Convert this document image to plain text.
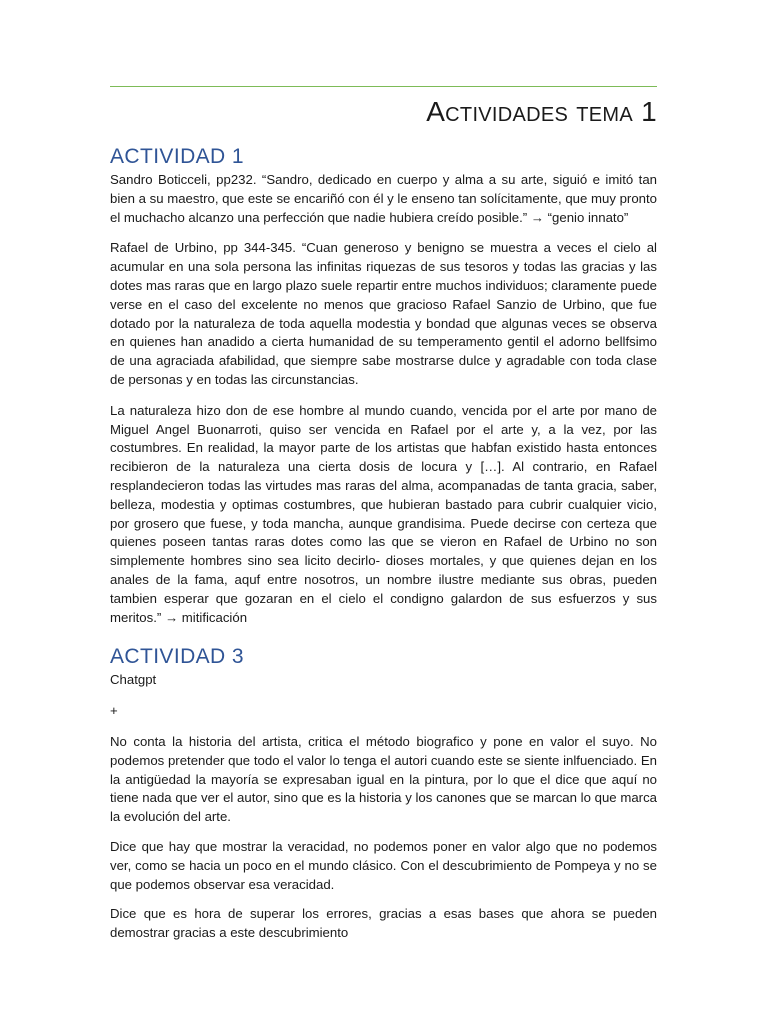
Actividades tema 1
ACTIVIDAD 1

Sandro Boticceli, pp232. “Sandro, dedicado en cuerpo y alma a su arte, siguió e imitó tan bien a su maestro, que este se encariñó con él y le enseno tan solícitamente, que muy pronto el muchacho alcanzo una perfección que nadie hubiera creído posible.” → “genio innato”

Rafael de Urbino, pp 344-345. “Cuan generoso y benigno se muestra a veces el cielo al acumular en una sola persona las infinitas riquezas de sus tesoros y todas las gracias y las dotes mas raras que en largo plazo suele repartir entre muchos individuos; claramente puede verse en el caso del excelente no menos que gracioso Rafael Sanzio de Urbino, que fue dotado por la naturaleza de toda aquella modestia y bondad que algunas veces se observa en quienes han anadido a cierta humanidad de su temperamento gentil el adorno bellfsimo de una agraciada afabilidad, que siempre sabe mostrarse dulce y agradable con toda clase de personas y en todas las circunstancias.

La naturaleza hizo don de ese hombre al mundo cuando, vencida por el arte por mano de Miguel Angel Buonarroti, quiso ser vencida en Rafael por el arte y, a la vez, por las costumbres. En realidad, la mayor parte de los artistas que habfan existido hasta entonces recibieron de la naturaleza una cierta dosis de locura y […]. Al contrario, en Rafael resplandecieron todas las virtudes mas raras del alma, acompanadas de tanta gracia, saber, belleza, modestia y optimas costumbres, que hubieran bastado para cubrir cualquier vicio, por grosero que fuese, y toda mancha, aunque grandisima. Puede decirse con certeza que quienes poseen tantas raras dotes como las que se vieron en Rafael de Urbino no son simplemente hombres sino sea licito decirlo- dioses mortales, y que quienes dejan en los anales de la fama, aquf entre nosotros, un nombre ilustre mediante sus obras, pueden tambien esperar que gozaran en el cielo el condigno galardon de sus esfuerzos y sus meritos.” → mitificación

ACTIVIDAD 3

Chatgpt

+

No conta la historia del artista, critica el método biografico y pone en valor el suyo. No podemos pretender que todo el valor lo tenga el autori cuando este se siente inlfuenciado. En la antigüedad la mayoría se expresaban igual en la pintura, por lo que el dice que aquí no tiene nada que ver el autor, sino que es la historia y los canones que se marcan lo que marca la evolución del arte.

Dice que hay que mostrar la veracidad, no podemos poner en valor algo que no podemos ver, como se hacia un poco en el mundo clásico. Con el descubrimiento de Pompeya y no se que podemos observar esa veracidad.

Dice que es hora de superar los errores, gracias a esas bases que ahora se pueden demostrar gracias a este descubrimiento
